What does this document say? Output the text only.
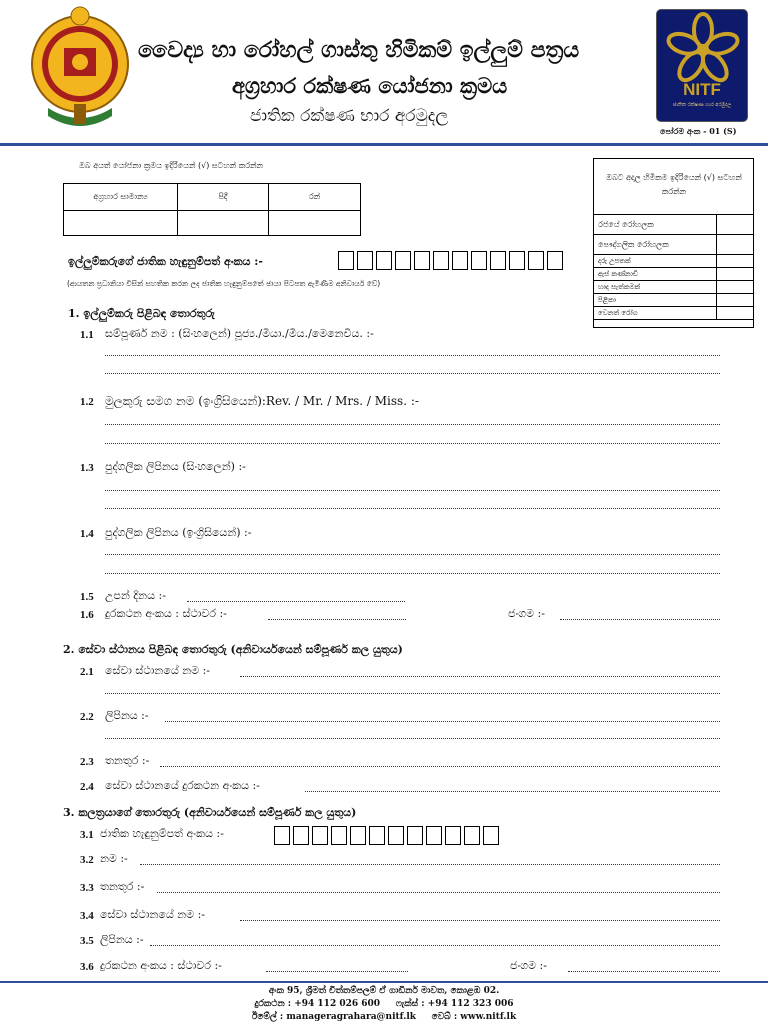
වෛද්‍ය හා රෝහල් ගාස්තු හිමිකම් ඉල්ලුම් පත්‍රය
අග්‍රහාර රක්ෂණ යෝජනා ක්‍රමය
ජාතික රක්ෂණ භාර අරමුදල
NITF
ජාතික රක්ෂණ භාර අරමුදල
පෝරම අංක - 01 (S)
ඔබ අයත් යෝජනා ක්‍රමය ඉදිරියෙන් (√) සටහන් කරන්න
අග්‍රහාර සාමාන්‍ය	පිදී	රන්

ඔබට අදාල හිමිකම ඉදිරියෙන් (√) සටහන් කරන්න
රජයේ රෝහලක	
පෞද්ගලික රෝහලක	
දරු උපතක්	
ඇස් කණ්නාඩි	
හෘද සැත්කමක්	
පිළිකා	
වෙනත් රෝග	
ඉල්ලුම්කරුගේ ජාතික හැඳුනුම්පත් අංකය :-
(ආයතන ප්‍රධානියා විසින් සහතික කරන ලද ජාතික හැඳුනුම්පතේ ඡායා පිටපත ඇමිණීම අනිවාර්ය වේ)
1. ඉල්ලුම්කරු පිළිබඳ තොරතුරු
1.1 සම්පූර්ණ නම : (සිංහලෙන්) පූජ්‍ය./මියා./මිය./මෙනෙවිය. :-
1.2 මුලකුරු සමග නම (ඉංග්‍රිසියෙන්):Rev. / Mr. / Mrs. / Miss. :-
1.3 පුද්ගලික ලිපිනය (සිංහලෙන්) :-
1.4 පුද්ගලික ලිපිනය (ඉංග්‍රිසියෙන්) :-
1.5 උපන් දිනය :-
1.6 දුරකථන අංකය : ස්ථාවර :-	ජංගම :-
2. සේවා ස්ථානය පිළිබඳ තොරතුරු (අනිවාර්යයෙන් සම්පූර්ණ කල යුතුය)
2.1 සේවා ස්ථානයේ නම :-
2.2 ලිපිනය :-
2.3 තනතුර :-
2.4 සේවා ස්ථානයේ දුරකථන අංකය :-
3. කලත්‍රයාගේ තොරතුරු (අනිවාර්යයෙන් සම්පූර්ණ කල යුතුය)
3.1 ජාතික හැඳුනුම්පත් අංකය :-
3.2 නම :-
3.3 තනතුර :-
3.4 සේවා ස්ථානයේ නම :-
3.5 ලිපිනය :-
3.6 දුරකථන අංකය : ස්ථාවර :-	ජංගම :-
අංක 95, ශ්‍රීමත් චිත්තම්පලම් ඒ ගාඩිනර් මාවත, කොළඹ 02.
දුරකථන : +94 112 026 600     ෆැක්ස් : +94 112 323 006
ඊමේල් : manageragrahara@nitf.lk     වෙබ් : www.nitf.lk
